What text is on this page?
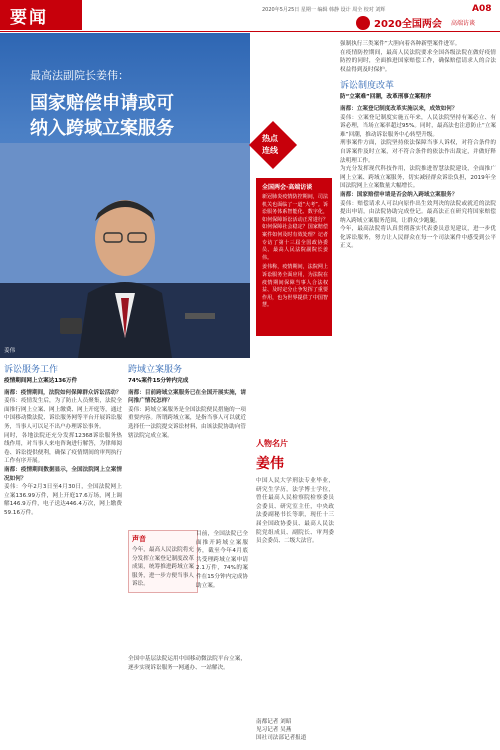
要闻	2020年5月25日 星期一 编辑 韩静 设计 周全 校对 刘辉	A08
2020全国两会 高端访谈
最高法副院长姜伟：
国家赔偿申请或可
纳入跨域立案服务
诉讼服务工作
疫情期间网上立案达136万件

南都：疫情期间，法院如何保障群众诉讼活动？

姜伟：疫情发生后，为了防止人员聚集，法院全面推行网上立案、网上缴费、网上开庭等，通过中国移动微法院、诉讼服务网等平台开展诉讼服务，当事人可以足不出户办理诉讼事务。

同时，各地法院还充分发挥12368诉讼服务热线作用，对当事人来电咨询进行解答，为律师阅卷、诉讼提供便利，确保了疫情期间的审判执行工作有序开展。

南都：疫情期间数据显示，全国法院网上立案情况如何？

姜伟：今年2月3日至4月30日，全国法院网上立案136.99万件，网上开庭17.6万场，网上调解146.9万件，电子送达446.4万次，网上缴费59.16万件。

跨域立案服务
74%案件15分钟内完成

南都：目前跨域立案服务已在全国开展实施，请问推广情况怎样？

姜伟：跨域立案服务是全国法院便民措施的一项重要内容。所谓跨域立案，是指当事人可以就近选择任一法院提交诉讼材料，由该法院协助向管辖法院完成立案。

声音

今年，最高人民法院将充分发挥立案登记制度改革成果，统筹推进跨域立案服务，进一步方便当事人诉讼。

目前，全国法院已全面推开跨域立案服务，截至今年4月底共受理跨域立案申请2.1万件，74%的案件在15分钟内完成协助立案。

全国中基层法院运用中国移动微法院平台立案，逐步实现诉讼服务一网通办、一站解决。

热点
连线
全国两会·高端访谈

新冠肺炎疫情防控期间，司法机关也面临了一道“大考”。诉讼服务体系智能化、数字化，如何保障诉讼活动正常进行？如何保障社会稳定？国家赔偿案件如何及时有效处理？记者专访了第十三届全国政协委员、最高人民法院副院长姜伟。

姜伟称，疫情期间，法院网上诉讼服务全面应用，为法院在疫情期间保障当事人合法权益、及时定分止争发挥了重要作用，也为世界提供了中国智慧。

人物名片
姜伟

中国人民大学刑法专业毕业，研究生学历，法学博士学位，曾任最高人民检察院检察委员会委员、研究室主任，中央政法委副秘书长等职，现任十三届全国政协委员、最高人民法院党组成员、副院长、审判委员会委员、二级大法官。

南都记者 刘昭
见习记者 吴燕
国社司法部记者报道

强制执行三类案件”大胆向着各种新型案件进军。

在疫情防控期间，最高人民法院要求全国各级法院在做好疫情防控的同时，全面推进国家赔偿工作，确保赔偿请求人的合法权益得到及时保护。

诉讼制度改革
防“立案难”回潮，改革刑事立案程序

南都：立案登记制度改革实施以来，成效如何？

姜伟：立案登记制度实施五年来，人民法院坚持有案必立、有诉必理，当场立案率超过95%。同时，最高法也注意防止“立案难”回潮，推动诉讼服务中心转型升级。

刑事案件方面，法院坚持依法保障当事人诉权，对符合条件的自诉案件及时立案，对不符合条件的依法作出裁定，并做好释法明理工作。

为充分发挥现代科技作用，法院推进智慧法院建设，全面推广网上立案、跨域立案服务，切实减轻群众诉讼负担，2019年全国法院网上立案数量大幅增长。

南都：国家赔偿申请是否会纳入跨域立案服务？

姜伟：赔偿请求人可以向原作出生效判决的法院或就近的法院提出申请，由法院协助完成登记。最高法正在研究将国家赔偿纳入跨域立案服务范围，让群众少跑腿。

今年，最高法院将认真贯彻落实代表委员意见建议，进一步优化诉讼服务，努力让人民群众在每一个司法案件中感受到公平正义。

姜伟
